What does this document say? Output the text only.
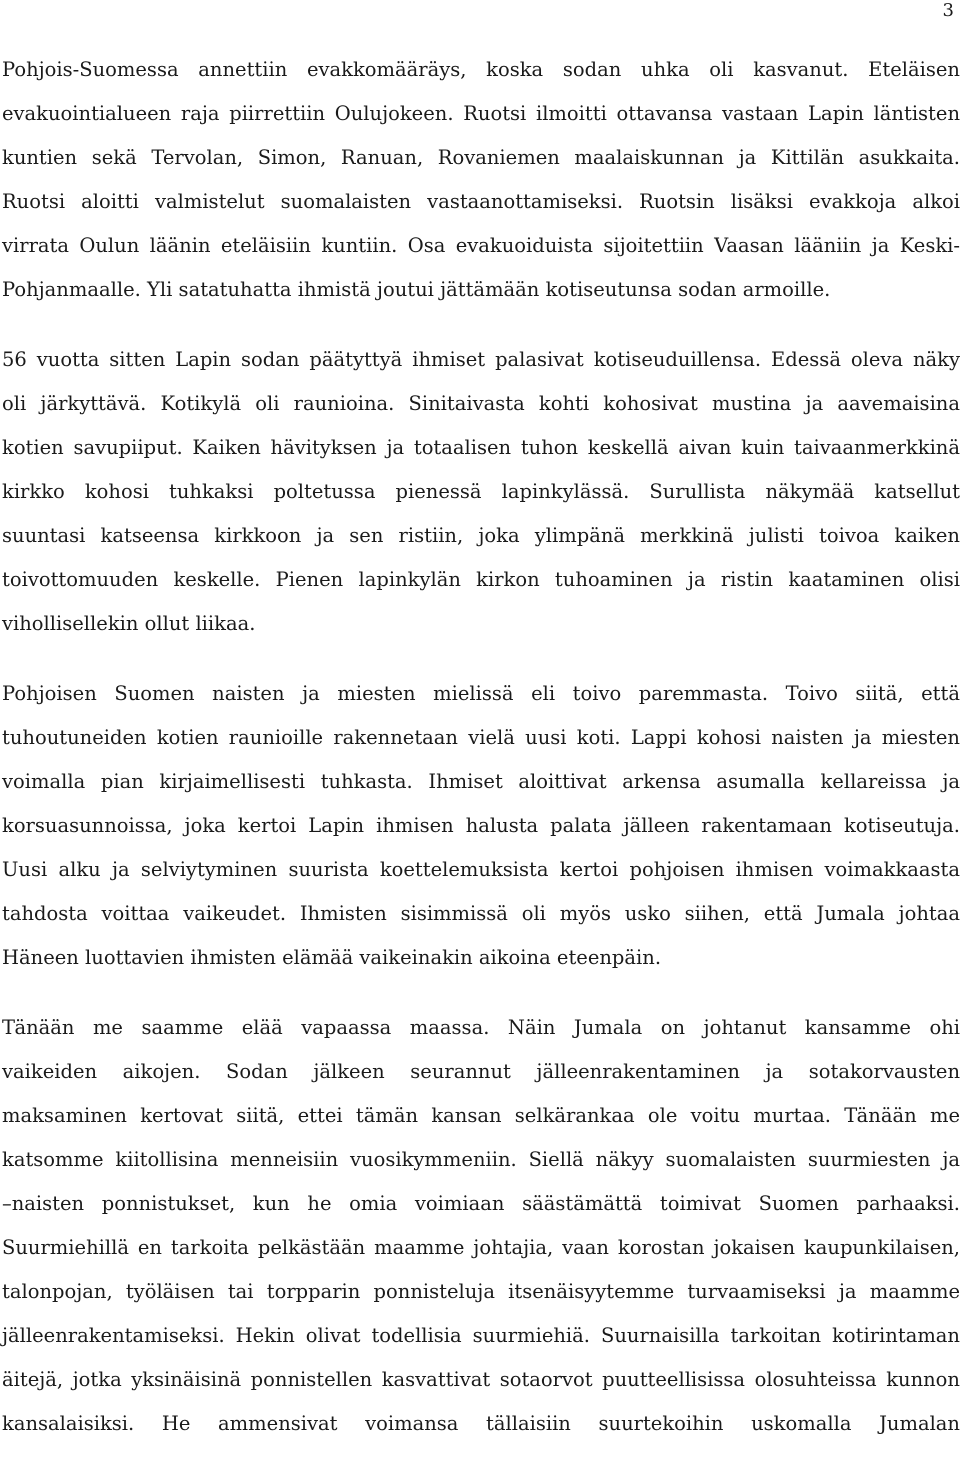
3
Pohjois-Suomessa annettiin evakkomääräys, koska sodan uhka oli kasvanut. Eteläisen
evakuointialueen raja piirrettiin Oulujokeen. Ruotsi ilmoitti ottavansa vastaan Lapin läntisten
kuntien sekä Tervolan, Simon, Ranuan, Rovaniemen maalaiskunnan ja Kittilän asukkaita.
Ruotsi aloitti valmistelut suomalaisten vastaanottamiseksi. Ruotsin lisäksi evakkoja alkoi
virrata Oulun läänin eteläisiin kuntiin. Osa evakuoiduista sijoitettiin Vaasan lääniin ja Keski-
Pohjanmaalle. Yli satatuhatta ihmistä joutui jättämään kotiseutunsa sodan armoille.
56 vuotta sitten Lapin sodan päätyttyä ihmiset palasivat kotiseuduillensa. Edessä oleva näky
oli järkyttävä. Kotikylä oli raunioina. Sinitaivasta kohti kohosivat mustina ja aavemaisina
kotien savupiiput. Kaiken hävityksen ja totaalisen tuhon keskellä aivan kuin taivaanmerkkinä
kirkko kohosi tuhkaksi poltetussa pienessä lapinkylässä. Surullista näkymää katsellut
suuntasi katseensa kirkkoon ja sen ristiin, joka ylimpänä merkkinä julisti toivoa kaiken
toivottomuuden keskelle. Pienen lapinkylän kirkon tuhoaminen ja ristin kaataminen olisi
vihollisellekin ollut liikaa.
Pohjoisen Suomen naisten ja miesten mielissä eli toivo paremmasta. Toivo siitä, että
tuhoutuneiden kotien raunioille rakennetaan vielä uusi koti. Lappi kohosi naisten ja miesten
voimalla pian kirjaimellisesti tuhkasta. Ihmiset aloittivat arkensa asumalla kellareissa ja
korsuasunnoissa, joka kertoi Lapin ihmisen halusta palata jälleen rakentamaan kotiseutuja.
Uusi alku ja selviytyminen suurista koettelemuksista kertoi pohjoisen ihmisen voimakkaasta
tahdosta voittaa vaikeudet. Ihmisten sisimmissä oli myös usko siihen, että Jumala johtaa
Häneen luottavien ihmisten elämää vaikeinakin aikoina eteenpäin.
Tänään me saamme elää vapaassa maassa. Näin Jumala on johtanut kansamme ohi
vaikeiden aikojen. Sodan jälkeen seurannut jälleenrakentaminen ja sotakorvausten
maksaminen kertovat siitä, ettei tämän kansan selkärankaa ole voitu murtaa. Tänään me
katsomme kiitollisina menneisiin vuosikymmeniin. Siellä näkyy suomalaisten suurmiesten ja
–naisten ponnistukset, kun he omia voimiaan säästämättä toimivat Suomen parhaaksi.
Suurmiehillä en tarkoita pelkästään maamme johtajia, vaan korostan jokaisen kaupunkilaisen,
talonpojan, työläisen tai torpparin ponnisteluja itsenäisyytemme turvaamiseksi ja maamme
jälleenrakentamiseksi. Hekin olivat todellisia suurmiehiä. Suurnaisilla tarkoitan kotirintaman
äitejä, jotka yksinäisinä ponnistellen kasvattivat sotaorvot puutteellisissa olosuhteissa kunnon
kansalaisiksi. He ammensivat voimansa tällaisiin suurtekoihin uskomalla Jumalan
